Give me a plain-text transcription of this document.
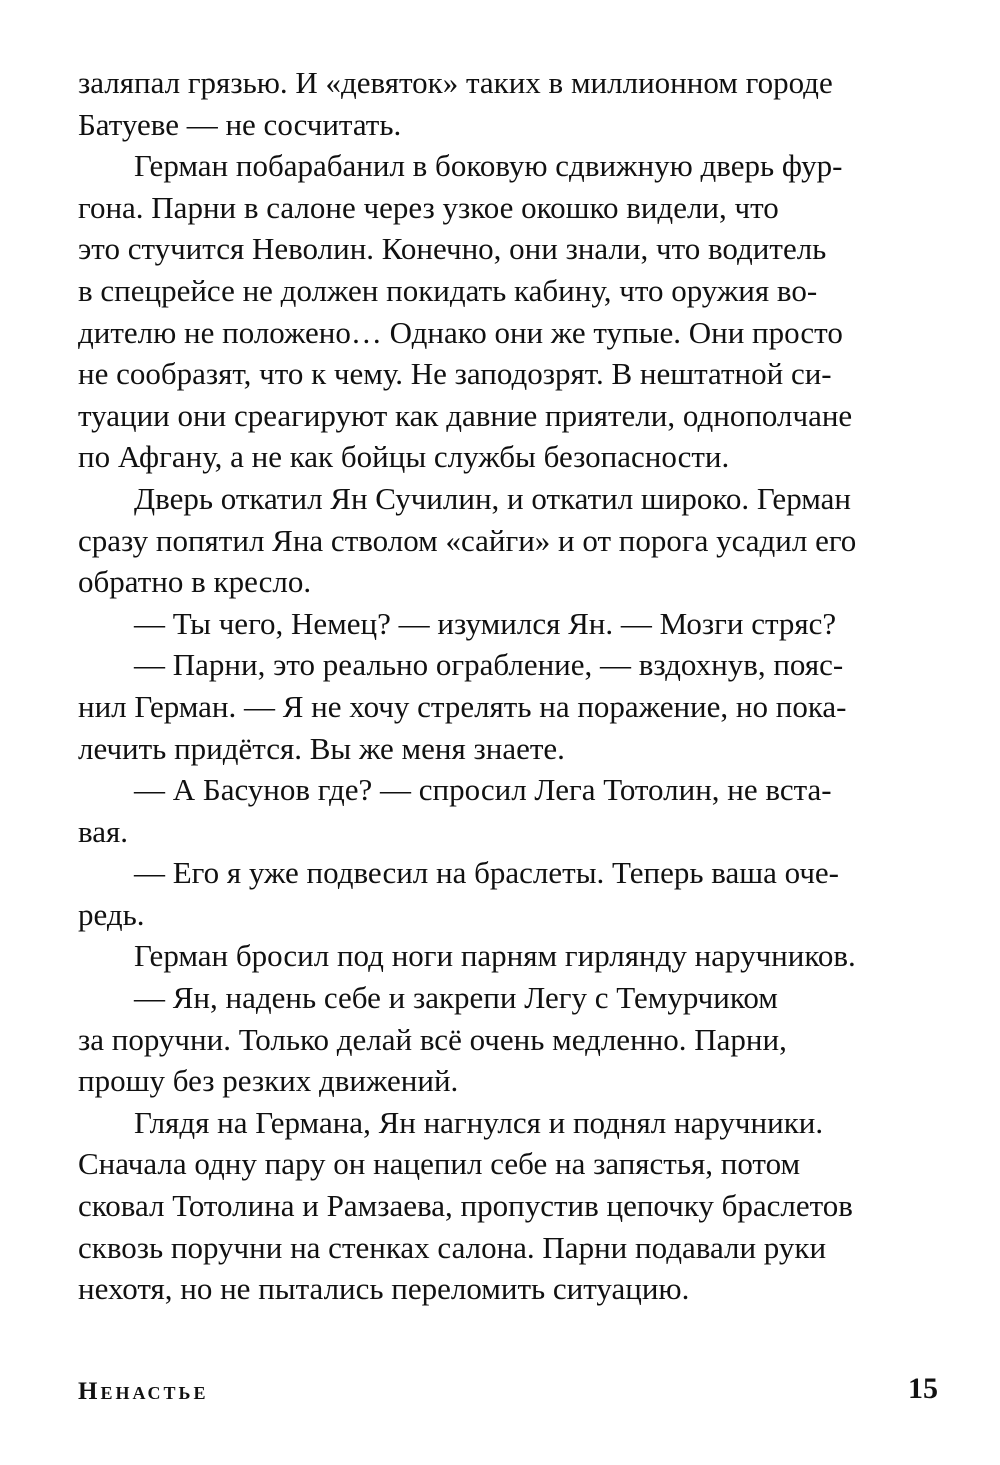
заляпал грязью. И «девяток» таких в миллионном городе
Батуеве — не сосчитать.
Герман побарабанил в боковую сдвижную дверь фур-
гона. Парни в салоне через узкое окошко видели, что
это стучится Неволин. Конечно, они знали, что водитель
в спецрейсе не должен покидать кабину, что оружия во-
дителю не положено… Однако они же тупые. Они просто
не сообразят, что к чему. Не заподозрят. В нештатной си-
туации они среагируют как давние приятели, однополчане
по Афгану, а не как бойцы службы безопасности.
Дверь откатил Ян Сучилин, и откатил широко. Герман
сразу попятил Яна стволом «сайги» и от порога усадил его
обратно в кресло.
— Ты чего, Немец? — изумился Ян. — Мозги стряс?
— Парни, это реально ограбление, — вздохнув, пояс-
нил Герман. — Я не хочу стрелять на поражение, но пока-
лечить придётся. Вы же меня знаете.
— А Басунов где? — спросил Лега Тотолин, не вста-
вая.
— Его я уже подвесил на браслеты. Теперь ваша оче-
редь.
Герман бросил под ноги парням гирлянду наручников.
— Ян, надень себе и закрепи Легу с Темурчиком
за поручни. Только делай всё очень медленно. Парни,
прошу без резких движений.
Глядя на Германа, Ян нагнулся и поднял наручники.
Сначала одну пару он нацепил себе на запястья, потом
сковал Тотолина и Рамзаева, пропустив цепочку браслетов
сквозь поручни на стенках салона. Парни подавали руки
нехотя, но не пытались переломить ситуацию.
Ненастье	15
